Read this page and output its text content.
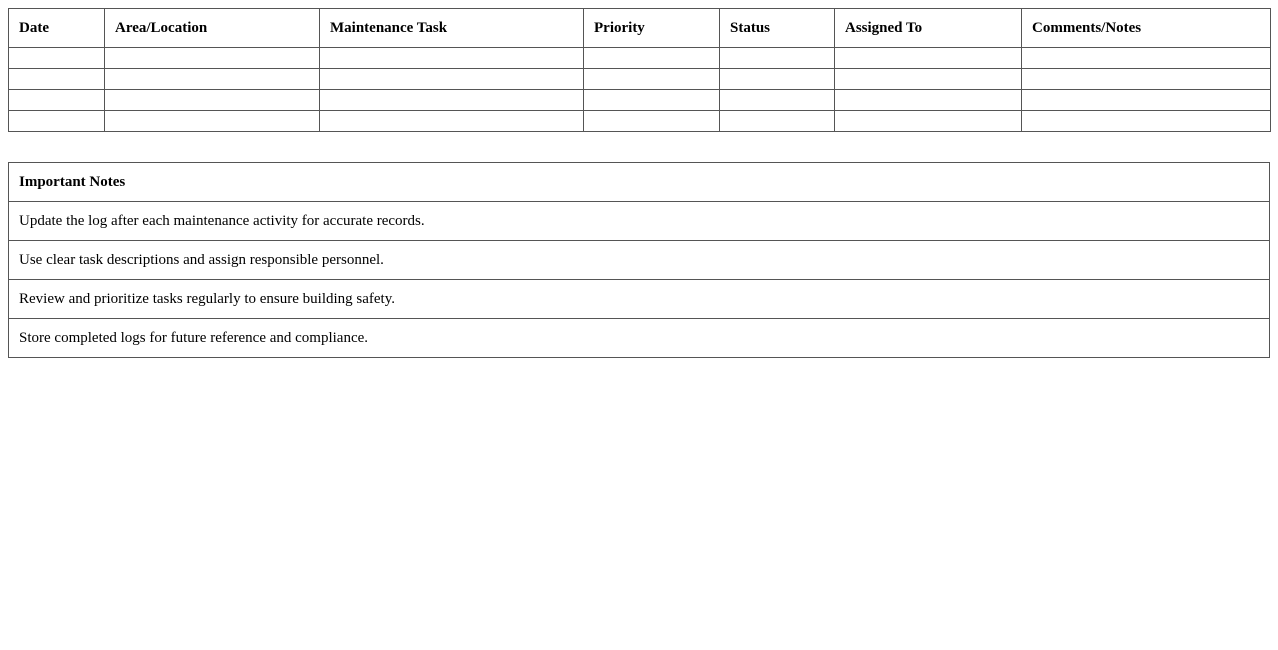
Date	Area/Location	Maintenance Task	Priority	Status	Assigned To	Comments/Notes

Important Notes
Update the log after each maintenance activity for accurate records.
Use clear task descriptions and assign responsible personnel.
Review and prioritize tasks regularly to ensure building safety.
Store completed logs for future reference and compliance.
